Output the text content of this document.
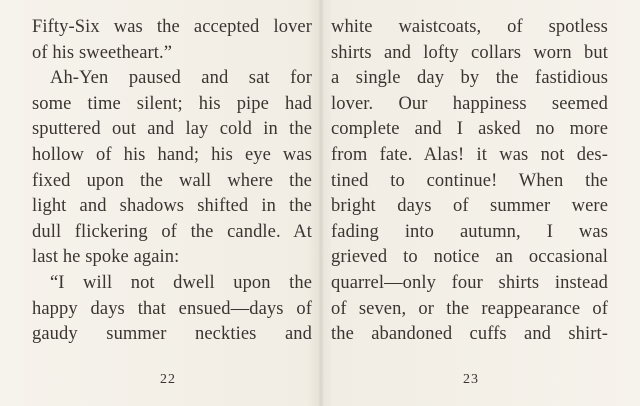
Fifty-Six was the accepted lover
of his sweetheart.”
Ah-Yen paused and sat for
some time silent; his pipe had
sputtered out and lay cold in the
hollow of his hand; his eye was
fixed upon the wall where the
light and shadows shifted in the
dull flickering of the candle. At
last he spoke again:
“I will not dwell upon the
happy days that ensued—days of
gaudy summer neckties and
22
white waistcoats, of spotless
shirts and lofty collars worn but
a single day by the fastidious
lover. Our happiness seemed
complete and I asked no more
from fate. Alas! it was not des-
tined to continue! When the
bright days of summer were
fading into autumn, I was
grieved to notice an occasional
quarrel—only four shirts instead
of seven, or the reappearance of
the abandoned cuffs and shirt-
23
